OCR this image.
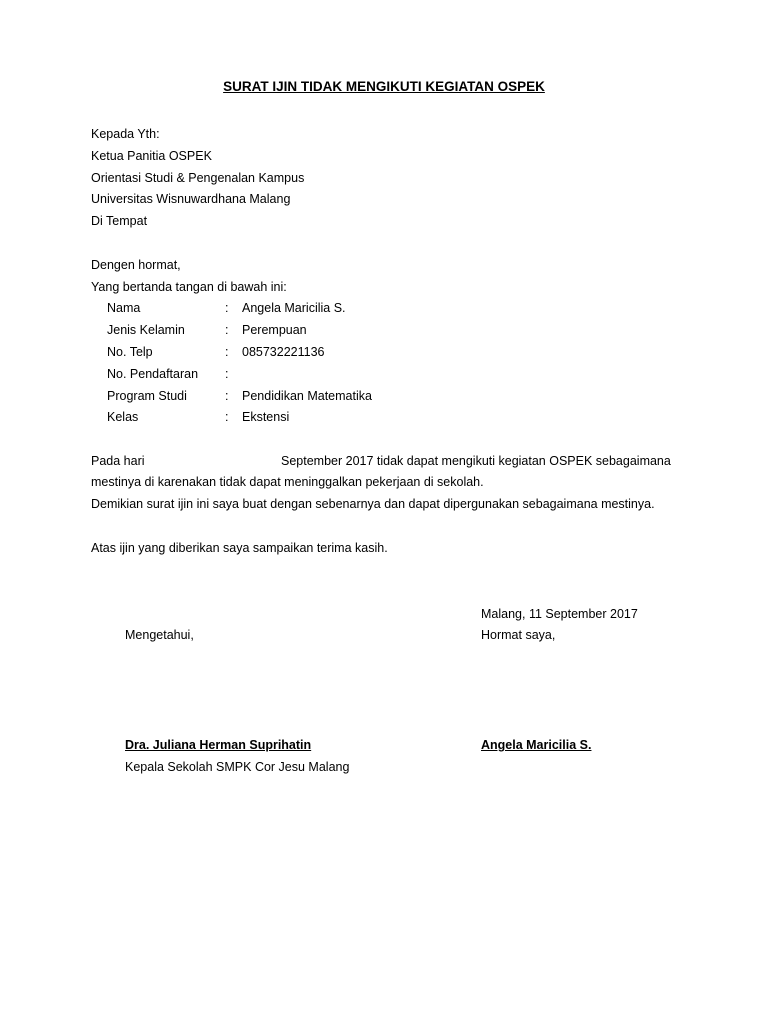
SURAT IJIN TIDAK MENGIKUTI KEGIATAN OSPEK
Kepada Yth:
Ketua Panitia OSPEK
Orientasi Studi & Pengenalan Kampus
Universitas Wisnuwardhana Malang
Di Tempat
Dengen hormat,
Yang bertanda tangan di bawah ini:
Nama	: Angela Maricilia S.
Jenis Kelamin	: Perempuan
No. Telp	: 085732221136
No. Pendaftaran :
Program Studi	: Pendidikan Matematika
Kelas	: Ekstensi
Pada hari	September 2017 tidak dapat mengikuti kegiatan OSPEK sebagaimana
mestinya di karenakan tidak dapat meninggalkan pekerjaan di sekolah.
Demikian surat ijin ini saya buat dengan sebenarnya dan dapat dipergunakan sebagaimana mestinya.
Atas ijin yang diberikan saya sampaikan terima kasih.
Malang, 11 September 2017
Mengetahui,	Hormat saya,
Dra. Juliana Herman Suprihatin	Angela Maricilia S.
Kepala Sekolah SMPK Cor Jesu Malang
